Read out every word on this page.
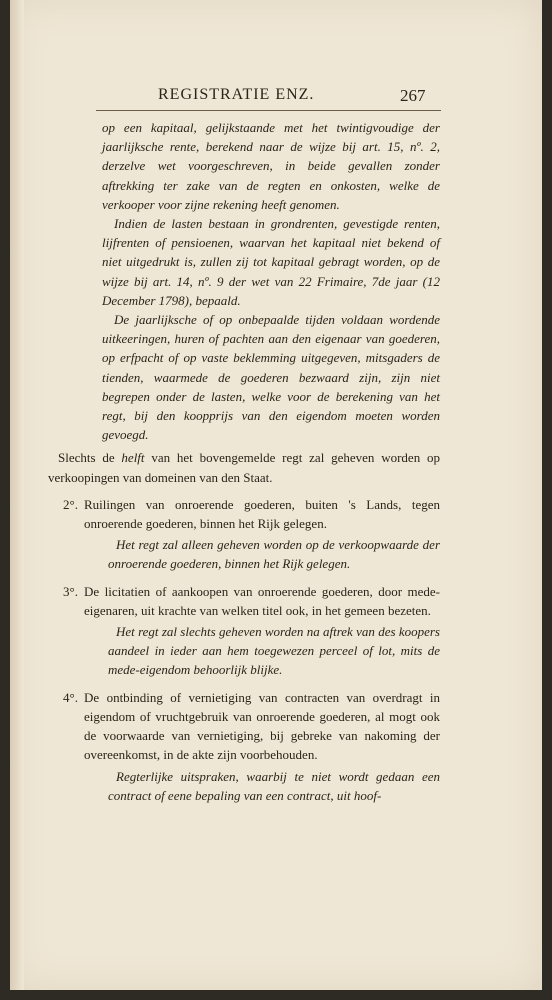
REGISTRATIE ENZ.	267
op een kapitaal, gelijkstaande met het twintigvoudige der jaarlijksche rente, berekend naar de wijze bij art. 15, nº. 2, derzelve wet voorgeschreven, in beide gevallen zonder aftrekking ter zake van de regten en onkosten, welke de verkooper voor zijne rekening heeft genomen.
Indien de lasten bestaan in grondrenten, gevestigde renten, lijfrenten of pensioenen, waarvan het kapitaal niet bekend of niet uitgedrukt is, zullen zij tot kapitaal gebragt worden, op de wijze bij art. 14, nº. 9 der wet van 22 Frimaire, 7de jaar (12 December 1798), bepaald.
De jaarlijksche of op onbepaalde tijden voldaan wordende uitkeeringen, huren of pachten aan den eigenaar van goederen, op erfpacht of op vaste beklemming uitgegeven, mitsgaders de tienden, waarmede de goederen bezwaard zijn, zijn niet begrepen onder de lasten, welke voor de berekening van het regt, bij den koopprijs van den eigendom moeten worden gevoegd.
Slechts de helft van het bovengemelde regt zal geheven worden op verkoopingen van domeinen van den Staat.
2°. Ruilingen van onroerende goederen, buiten 's Lands, tegen onroerende goederen, binnen het Rijk gelegen.
Het regt zal alleen geheven worden op de verkoopwaarde der onroerende goederen, binnen het Rijk gelegen.
3°. De licitatien of aankoopen van onroerende goederen, door mede-eigenaren, uit krachte van welken titel ook, in het gemeen bezeten.
Het regt zal slechts geheven worden na aftrek van des koopers aandeel in ieder aan hem toegewezen perceel of lot, mits de mede-eigendom behoorlijk blijke.
4°. De ontbinding of vernietiging van contracten van overdragt in eigendom of vruchtgebruik van onroerende goederen, al mogt ook de voorwaarde van vernietiging, bij gebreke van nakoming der overeenkomst, in de akte zijn voorbehouden.
Regterlijke uitspraken, waarbij te niet wordt gedaan een contract of eene bepaling van een contract, uit hoof-
